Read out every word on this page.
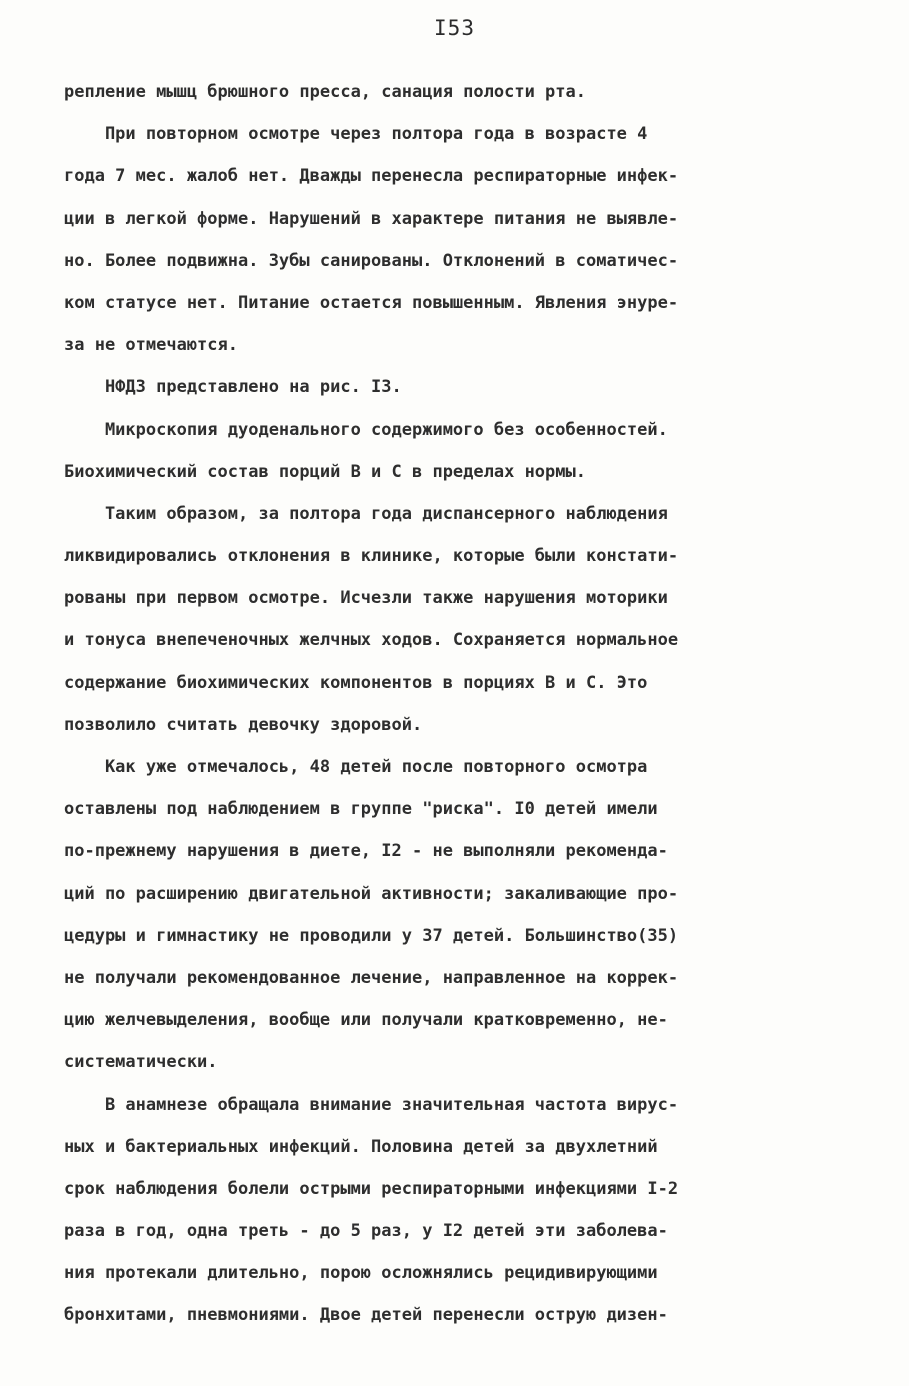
I53
репление мышц брюшного пресса, санация полости рта.
При повторном осмотре через полтора года в возрасте 4
года 7 мес. жалоб нет. Дважды перенесла респираторные инфек-
ции в легкой форме. Нарушений в характере питания не выявле-
но. Более подвижна. Зубы санированы. Отклонений в соматичес-
ком статусе нет. Питание остается повышенным. Явления энуре-
за не отмечаются.
НФДЗ представлено на рис. I3.
Микроскопия дуоденального содержимого без особенностей.
Биохимический состав порций В и С в пределах нормы.
Таким образом, за полтора года диспансерного наблюдения
ликвидировались отклонения в клинике, которые были констати-
рованы при первом осмотре. Исчезли также нарушения моторики
и тонуса внепеченочных желчных ходов. Сохраняется нормальное
содержание биохимических компонентов в порциях В и С. Это
позволило считать девочку здоровой.
Как уже отмечалось, 48 детей после повторного осмотра
оставлены под наблюдением в группе "риска". I0 детей имели
по-прежнему нарушения в диете, I2 - не выполняли рекоменда-
ций по расширению двигательной активности; закаливающие про-
цедуры и гимнастику не проводили у 37 детей. Большинство(35)
не получали рекомендованное лечение, направленное на коррек-
цию желчевыделения, вообще или получали кратковременно, не-
систематически.
В анамнезе обращала внимание значительная частота вирус-
ных и бактериальных инфекций. Половина детей за двухлетний
срок наблюдения болели острыми респираторными инфекциями I-2
раза в год, одна треть - до 5 раз, у I2 детей эти заболева-
ния протекали длительно, порою осложнялись рецидивирующими
бронхитами, пневмониями. Двое детей перенесли острую дизен-
